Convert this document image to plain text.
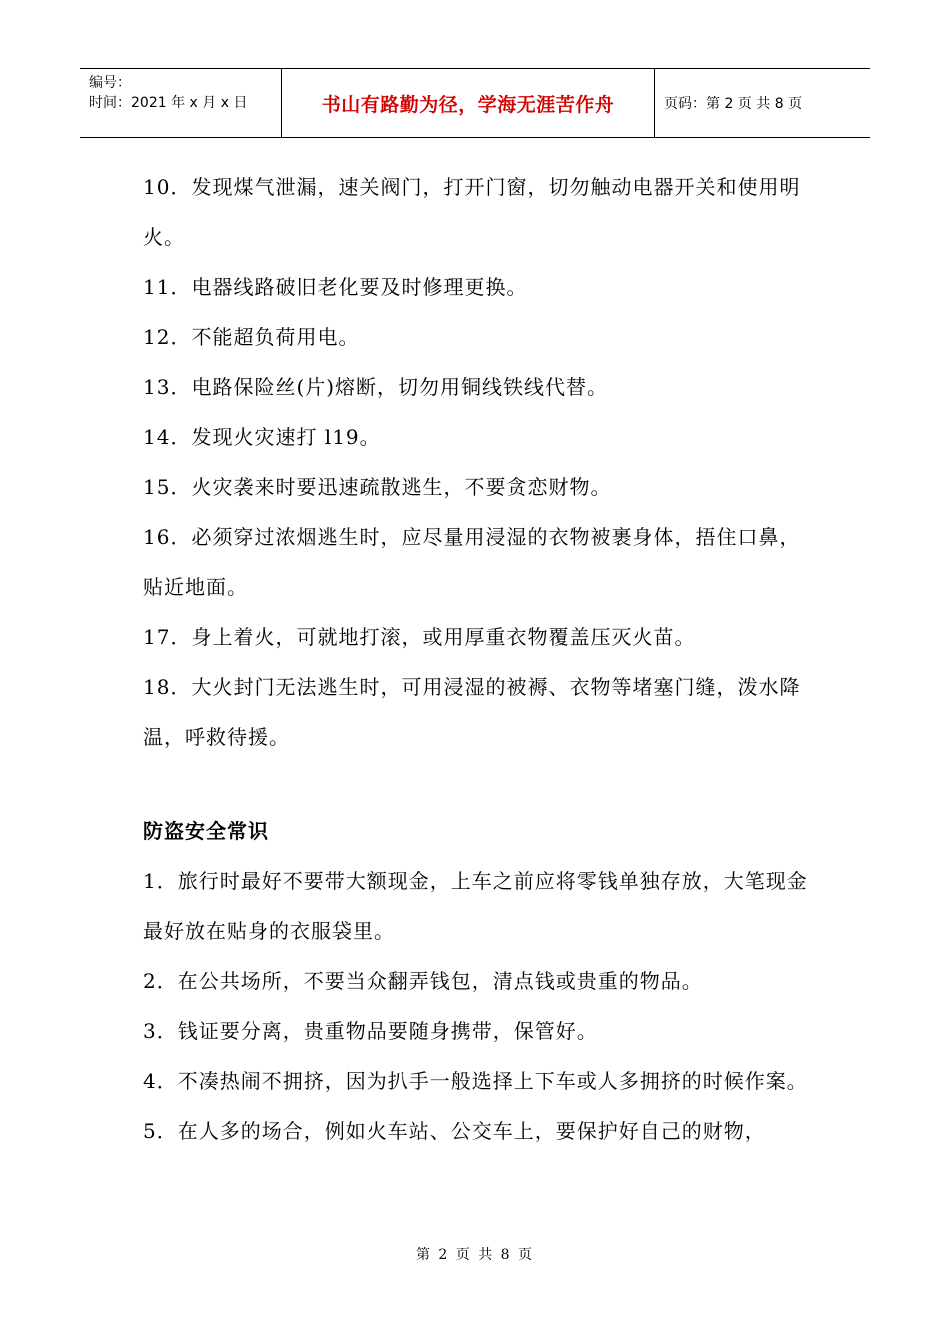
编号：
时间：2021 年 x 月 x 日	书山有路勤为径，学海无涯苦作舟	页码：第 2 页 共 8 页

10．发现煤气泄漏，速关阀门，打开门窗，切勿触动电器开关和使用明火。

11．电器线路破旧老化要及时修理更换。

12．不能超负荷用电。

13．电路保险丝(片)熔断，切勿用铜线铁线代替。

14．发现火灾速打 l19。

15．火灾袭来时要迅速疏散逃生，不要贪恋财物。

16．必须穿过浓烟逃生时，应尽量用浸湿的衣物被裹身体，捂住口鼻，贴近地面。

17．身上着火，可就地打滚，或用厚重衣物覆盖压灭火苗。

18．大火封门无法逃生时，可用浸湿的被褥、衣物等堵塞门缝，泼水降温，呼救待援。

防盗安全常识

1．旅行时最好不要带大额现金，上车之前应将零钱单独存放，大笔现金最好放在贴身的衣服袋里。

2．在公共场所，不要当众翻弄钱包，清点钱或贵重的物品。

3．钱证要分离，贵重物品要随身携带，保管好。

4．不凑热闹不拥挤，因为扒手一般选择上下车或人多拥挤的时候作案。

5．在人多的场合，例如火车站、公交车上，要保护好自己的财物，

第 2 页 共 8 页
